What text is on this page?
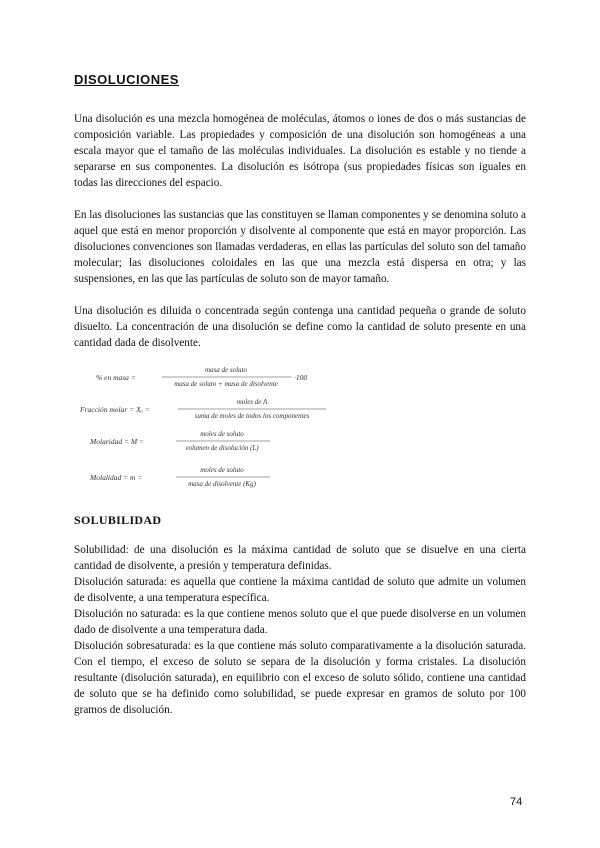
DISOLUCIONES
Una disolución es una mezcla homogénea de moléculas, átomos o iones de dos o más sustancias de composición variable. Las propiedades y composición de una disolución son homogéneas a una escala mayor que el tamaño de las moléculas individuales. La disolución es estable y no tiende a separarse en sus componentes. La disolución es isótropa (sus propiedades físicas son iguales en todas las direcciones del espacio.
En las disoluciones las sustancias que las constituyen se llaman componentes y se denomina soluto a aquel que está en menor proporción y disolvente al componente que está en mayor proporción. Las disoluciones convenciones son llamadas verdaderas, en ellas las partículas del soluto son del tamaño molecular; las disoluciones coloidales en las que una mezcla está dispersa en otra; y las suspensiones, en las que las partículas de soluto son de mayor tamaño.
Una disolución es diluida o concentrada según contenga una cantidad pequeña o grande de soluto disuelto. La concentración de una disolución se define como la cantidad de soluto presente en una cantidad dada de disolvente.
% en masa =
masa de soluto
masa de soluto + masa de disolvente
·100
Fracción molar = Xₐ =
moles de A
suma de moles de todos los componentes
Molaridad = M =
moles de soluto
volumen de disolución (L)
Molalidad = m =
moles de soluto
masa de disolvente (Kg)
SOLUBILIDAD

Solubilidad: de una disolución es la máxima cantidad de soluto que se disuelve en una cierta cantidad de disolvente, a presión y temperatura definidas.

Disolución saturada: es aquella que contiene la máxima cantidad de soluto que admite un volumen de disolvente, a una temperatura específica.

Disolución no saturada: es la que contiene menos soluto que el que puede disolverse en un volumen dado de disolvente a una temperatura dada.

Disolución sobresaturada: es la que contiene más soluto comparativamente a la disolución saturada. Con el tiempo, el exceso de soluto se separa de la disolución y forma cristales. La disolución resultante (disolución saturada), en equilibrio con el exceso de soluto sólido, contiene una cantidad de soluto que se ha definido como solubilidad, se puede expresar en gramos de soluto por 100 gramos de disolución.

74
